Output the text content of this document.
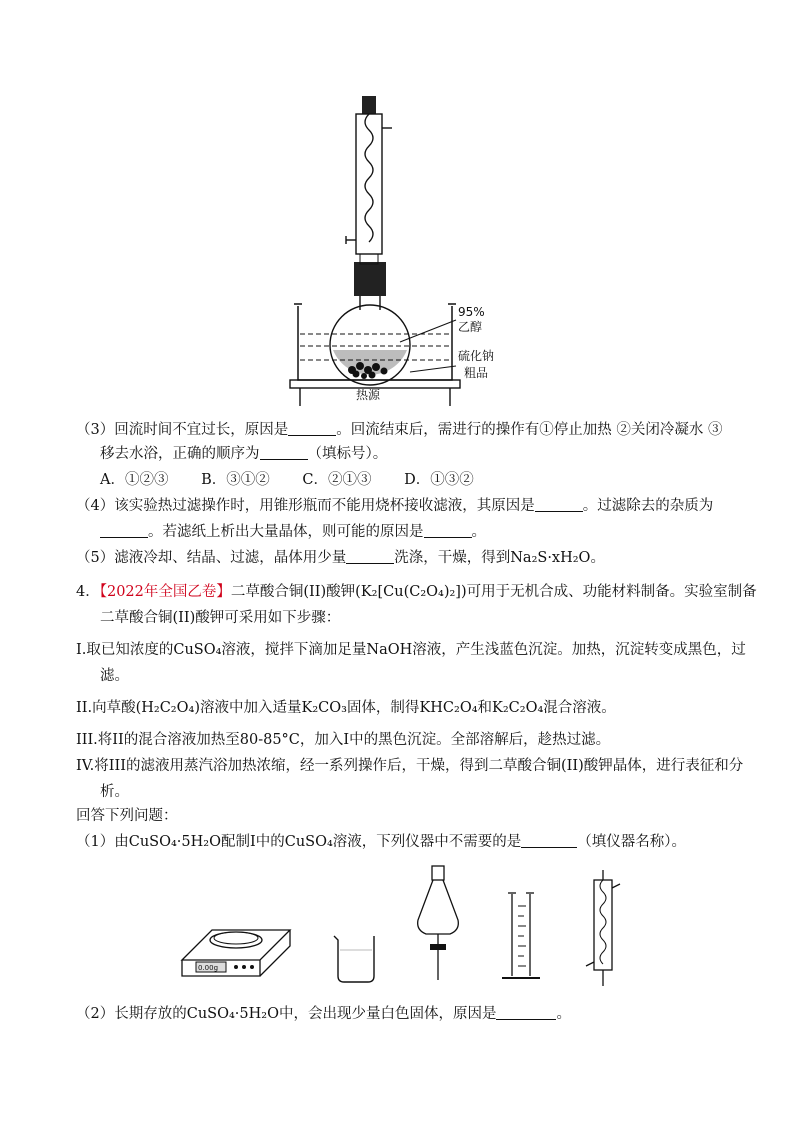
95%
乙醇
硫化钠
粗品
热源
（3）回流时间不宜过长，原因是	。回流结束后，需进行的操作有①停止加热 ②关闭冷凝水 ③
移去水浴，正确的顺序为	（填标号）。
A．①②③ B．③①② C．②①③ D．①③②
（4）该实验热过滤操作时，用锥形瓶而不能用烧杯接收滤液，其原因是	。过滤除去的杂质为
。若滤纸上析出大量晶体，则可能的原因是	。
（5）滤液冷却、结晶、过滤，晶体用少量	洗涤，干燥，得到Na₂S·xH₂O。
4．【2022年全国乙卷】二草酸合铜(II)酸钾(K₂[Cu(C₂O₄)₂])可用于无机合成、功能材料制备。实验室制备
二草酸合铜(II)酸钾可采用如下步骤：
I.取已知浓度的CuSO₄溶液，搅拌下滴加足量NaOH溶液，产生浅蓝色沉淀。加热，沉淀转变成黑色，过
滤。
II.向草酸(H₂C₂O₄)溶液中加入适量K₂CO₃固体，制得KHC₂O₄和K₂C₂O₄混合溶液。
III.将II的混合溶液加热至80-85°C，加入I中的黑色沉淀。全部溶解后，趁热过滤。
IV.将III的滤液用蒸汽浴加热浓缩，经一系列操作后，干燥，得到二草酸合铜(II)酸钾晶体，进行表征和分
析。
回答下列问题：
（1）由CuSO₄·5H₂O配制I中的CuSO₄溶液，下列仪器中不需要的是	（填仪器名称）。
0.00g
（2）长期存放的CuSO₄·5H₂O中，会出现少量白色固体，原因是	。
